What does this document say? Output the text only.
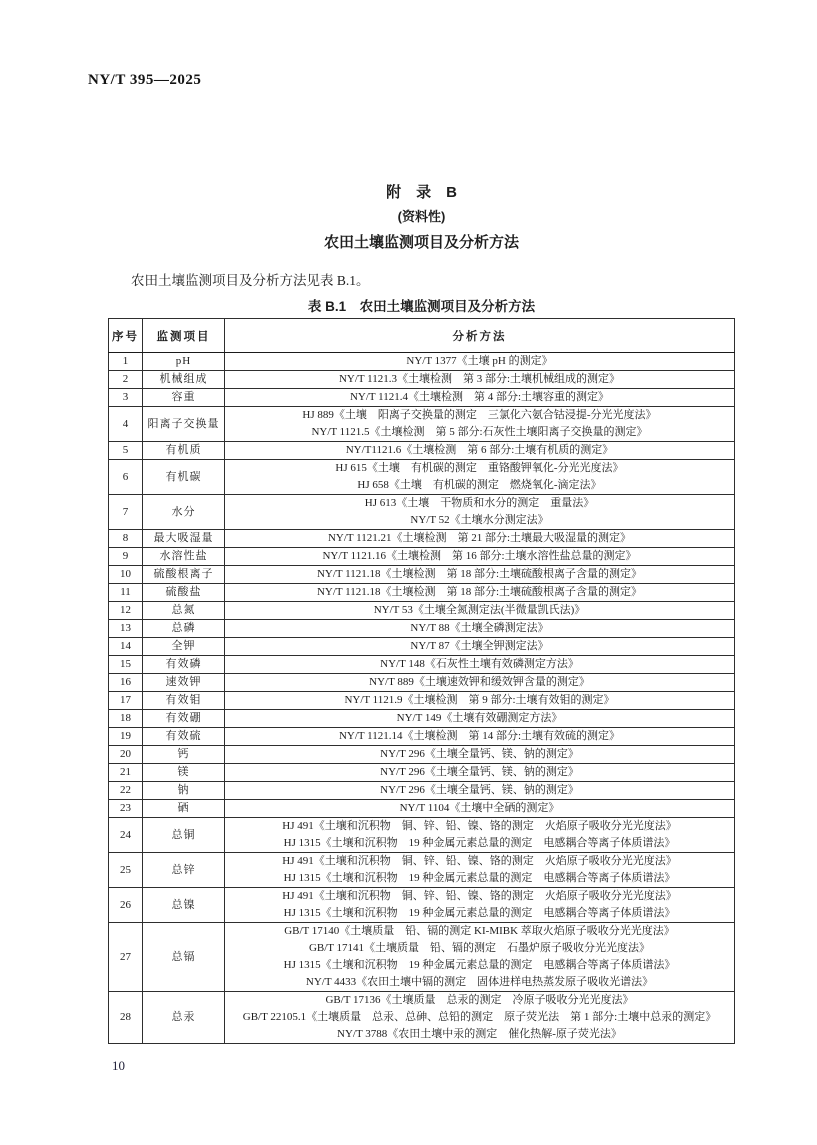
NY/T 395—2025
附　录　B
(资料性)
农田土壤监测项目及分析方法
农田土壤监测项目及分析方法见表 B.1。
表 B.1　农田土壤监测项目及分析方法
序号	监测项目	分析方法
1	pH	NY/T 1377《土壤 pH 的测定》

2	机械组成	NY/T 1121.3《土壤检测　第 3 部分:土壤机械组成的测定》

3	容重	NY/T 1121.4《土壤检测　第 4 部分:土壤容重的测定》

4	阳离子交换量	HJ 889《土壤　阳离子交换量的测定　三氯化六氨合钴浸提-分光光度法》
NY/T 1121.5《土壤检测　第 5 部分:石灰性土壤阳离子交换量的测定》

5	有机质	NY/T1121.6《土壤检测　第 6 部分:土壤有机质的测定》

6	有机碳	HJ 615《土壤　有机碳的测定　重铬酸钾氧化-分光光度法》
HJ 658《土壤　有机碳的测定　燃烧氧化-滴定法》

7	水分	HJ 613《土壤　干物质和水分的测定　重量法》
NY/T 52《土壤水分测定法》

8	最大吸湿量	NY/T 1121.21《土壤检测　第 21 部分:土壤最大吸湿量的测定》

9	水溶性盐	NY/T 1121.16《土壤检测　第 16 部分:土壤水溶性盐总量的测定》

10	硫酸根离子	NY/T 1121.18《土壤检测　第 18 部分:土壤硫酸根离子含量的测定》

11	硫酸盐	NY/T 1121.18《土壤检测　第 18 部分:土壤硫酸根离子含量的测定》

12	总氮	NY/T 53《土壤全氮测定法(半微量凯氏法)》

13	总磷	NY/T 88《土壤全磷测定法》

14	全钾	NY/T 87《土壤全钾测定法》

15	有效磷	NY/T 148《石灰性土壤有效磷测定方法》

16	速效钾	NY/T 889《土壤速效钾和缓效钾含量的测定》

17	有效钼	NY/T 1121.9《土壤检测　第 9 部分:土壤有效钼的测定》

18	有效硼	NY/T 149《土壤有效硼测定方法》

19	有效硫	NY/T 1121.14《土壤检测　第 14 部分:土壤有效硫的测定》

20	钙	NY/T 296《土壤全量钙、镁、钠的测定》

21	镁	NY/T 296《土壤全量钙、镁、钠的测定》

22	钠	NY/T 296《土壤全量钙、镁、钠的测定》

23	硒	NY/T 1104《土壤中全硒的测定》

24	总铜	HJ 491《土壤和沉积物　铜、锌、铅、镍、铬的测定　火焰原子吸收分光光度法》
HJ 1315《土壤和沉积物　19 种金属元素总量的测定　电感耦合等离子体质谱法》

25	总锌	HJ 491《土壤和沉积物　铜、锌、铅、镍、铬的测定　火焰原子吸收分光光度法》
HJ 1315《土壤和沉积物　19 种金属元素总量的测定　电感耦合等离子体质谱法》

26	总镍	HJ 491《土壤和沉积物　铜、锌、铅、镍、铬的测定　火焰原子吸收分光光度法》
HJ 1315《土壤和沉积物　19 种金属元素总量的测定　电感耦合等离子体质谱法》

27	总镉	GB/T 17140《土壤质量　铅、镉的测定 KI-MIBK 萃取火焰原子吸收分光光度法》
GB/T 17141《土壤质量　铅、镉的测定　石墨炉原子吸收分光光度法》
HJ 1315《土壤和沉积物　19 种金属元素总量的测定　电感耦合等离子体质谱法》
NY/T 4433《农田土壤中镉的测定　固体进样电热蒸发原子吸收光谱法》

28	总汞	GB/T 17136《土壤质量　总汞的测定　冷原子吸收分光光度法》
GB/T 22105.1《土壤质量　总汞、总砷、总铅的测定　原子荧光法　第 1 部分:土壤中总汞的测定》
NY/T 3788《农田土壤中汞的测定　催化热解-原子荧光法》
10
